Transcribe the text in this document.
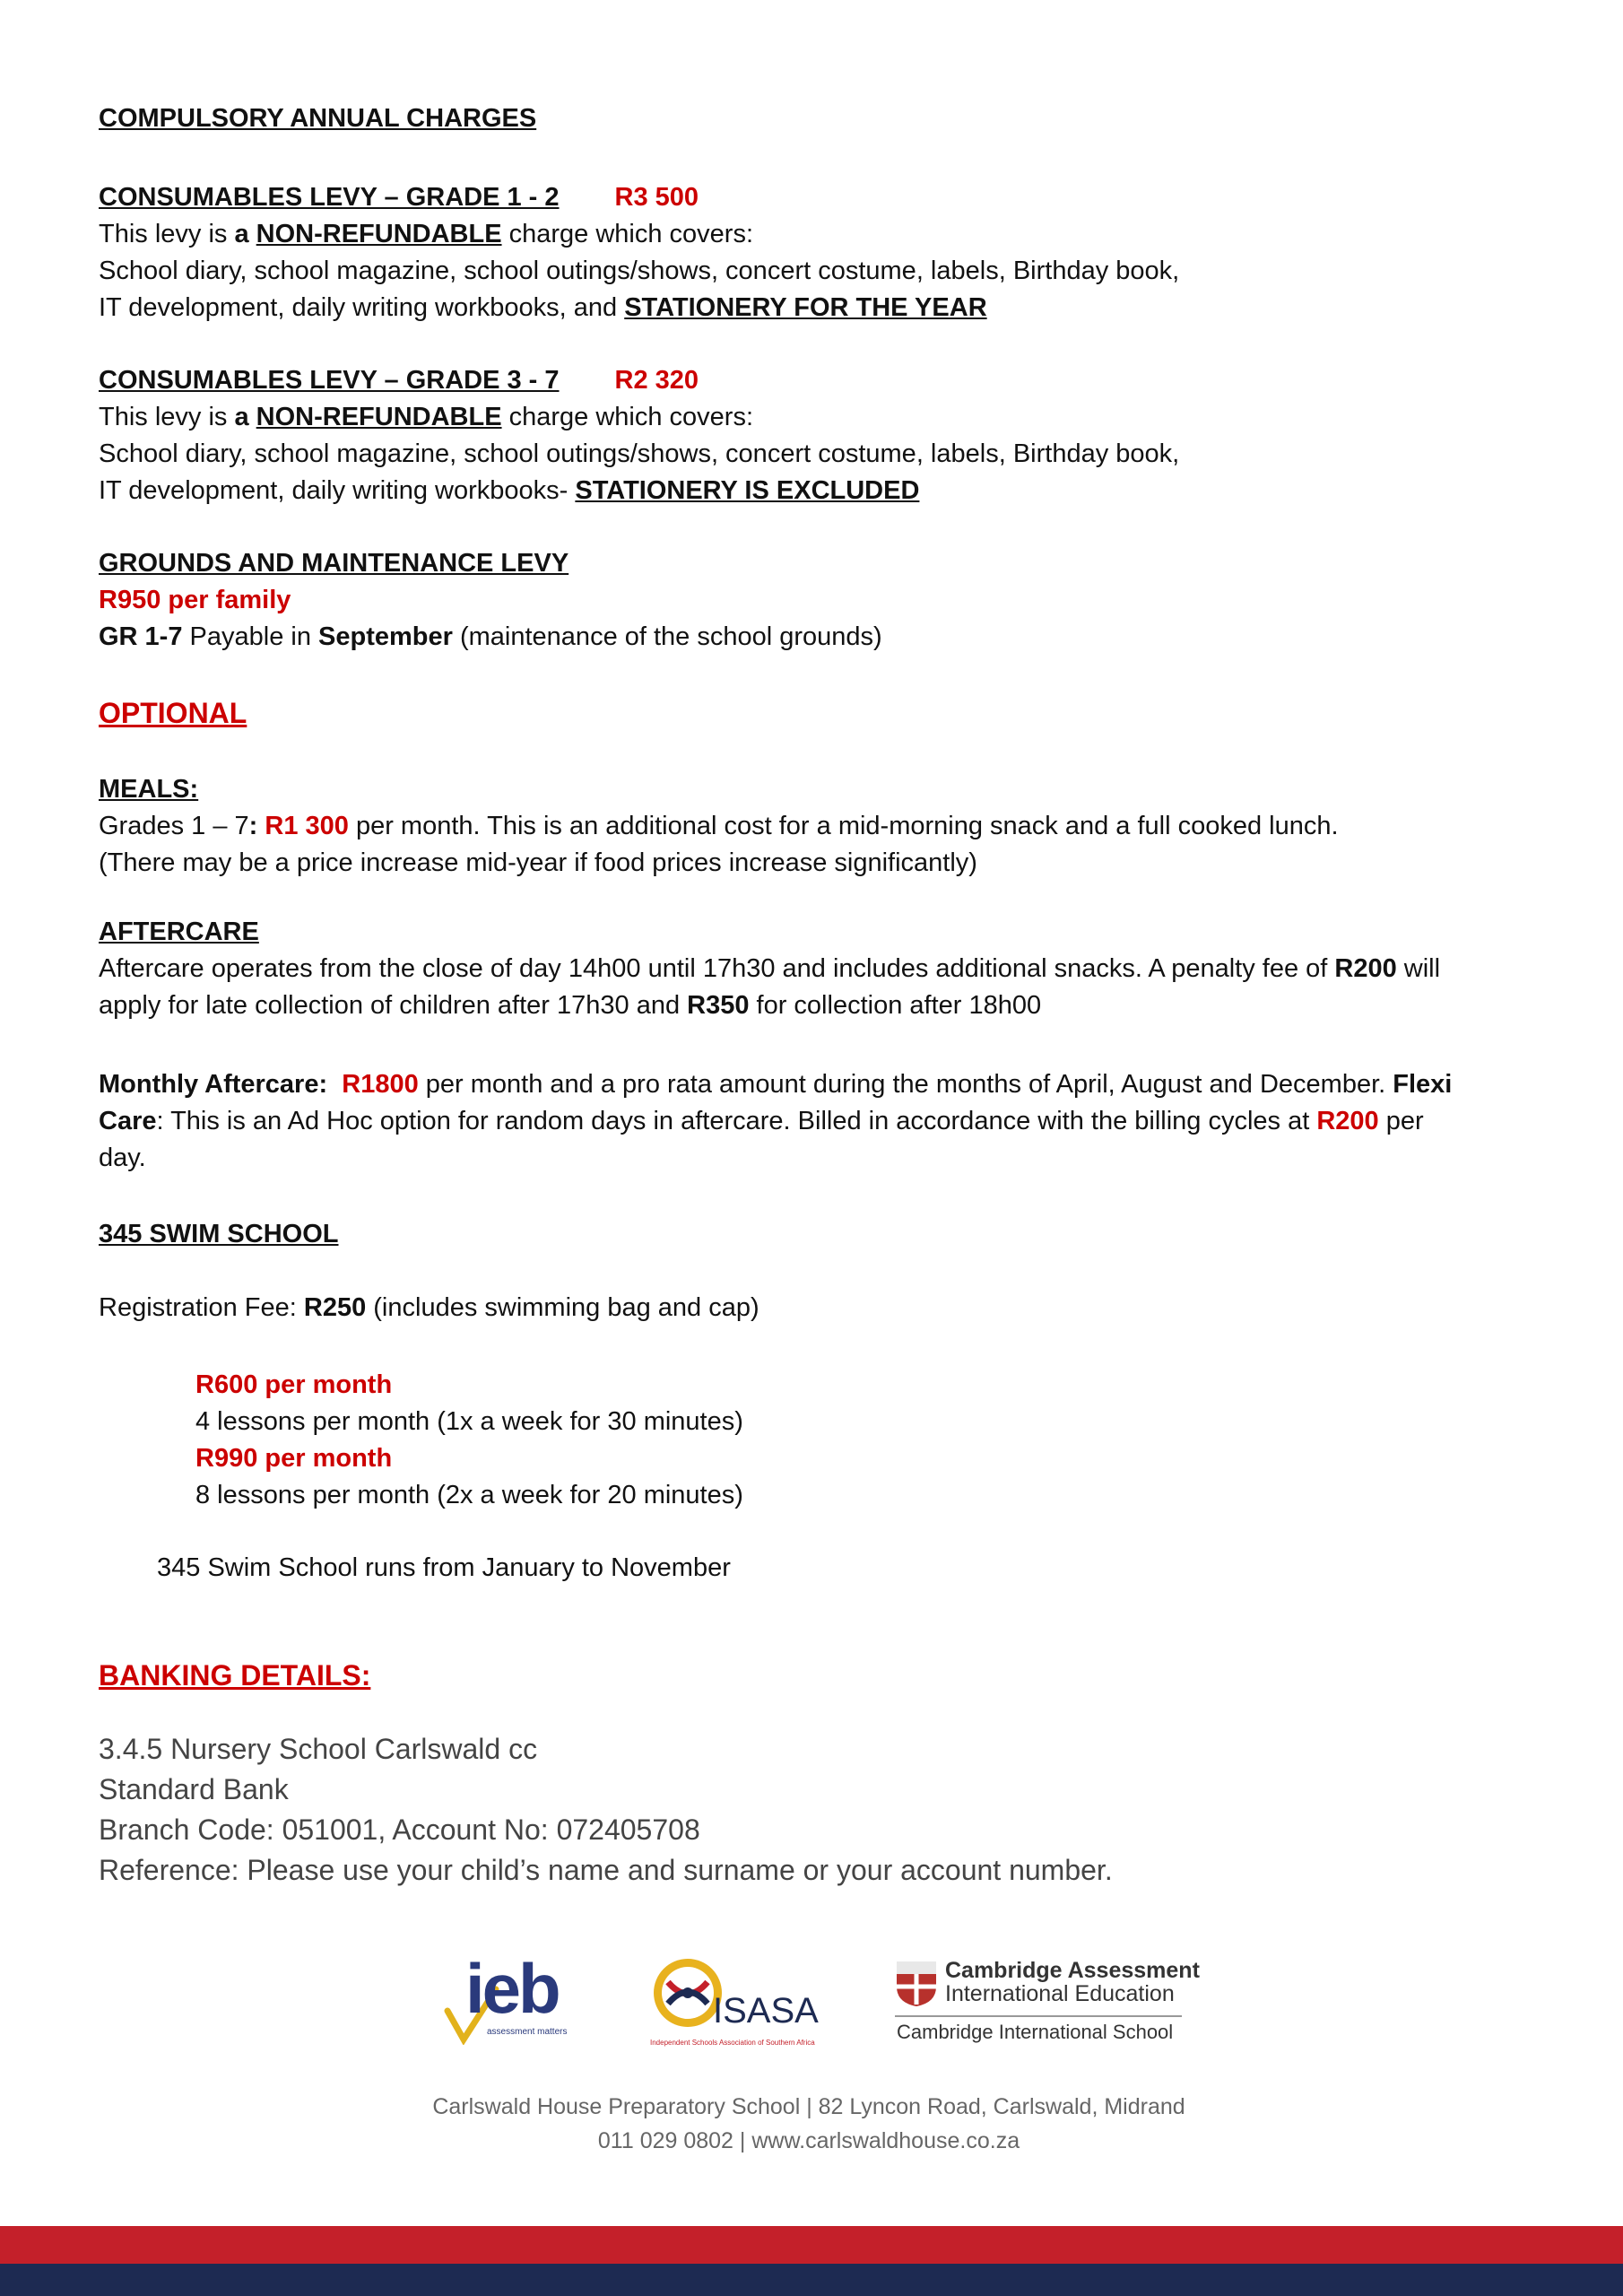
COMPULSORY ANNUAL CHARGES
CONSUMABLES LEVY – GRADE 1 - 2 R3 500
This levy is a NON-REFUNDABLE charge which covers:
School diary, school magazine, school outings/shows, concert costume, labels, Birthday book,
IT development, daily writing workbooks, and STATIONERY FOR THE YEAR
CONSUMABLES LEVY – GRADE 3 - 7 R2 320
This levy is a NON-REFUNDABLE charge which covers:
School diary, school magazine, school outings/shows, concert costume, labels, Birthday book,
IT development, daily writing workbooks- STATIONERY IS EXCLUDED
GROUNDS AND MAINTENANCE LEVY
R950 per family
GR 1-7 Payable in September (maintenance of the school grounds)
OPTIONAL
MEALS:
Grades 1 – 7: R1 300 per month. This is an additional cost for a mid-morning snack and a full cooked lunch.
(There may be a price increase mid-year if food prices increase significantly)
AFTERCARE
Aftercare operates from the close of day 14h00 until 17h30 and includes additional snacks. A penalty fee of R200 will
apply for late collection of children after 17h30 and R350 for collection after 18h00
Monthly Aftercare: R1800 per month and a pro rata amount during the months of April, August and December. Flexi
Care: This is an Ad Hoc option for random days in aftercare. Billed in accordance with the billing cycles at R200 per
day.
345 SWIM SCHOOL
Registration Fee: R250 (includes swimming bag and cap)
R600 per month
4 lessons per month (1x a week for 30 minutes)
R990 per month
8 lessons per month (2x a week for 20 minutes)
345 Swim School runs from January to November
BANKING DETAILS:
3.4.5 Nursery School Carlswald cc
Standard Bank
Branch Code: 051001, Account No: 072405708
Reference: Please use your child’s name and surname or your account number.
ieb
assessment matters
ISASA
Independent Schools Association of Southern Africa
Cambridge Assessment
International Education
Cambridge International School
Carlswald House Preparatory School | 82 Lyncon Road, Carlswald, Midrand
011 029 0802 | www.carlswaldhouse.co.za
